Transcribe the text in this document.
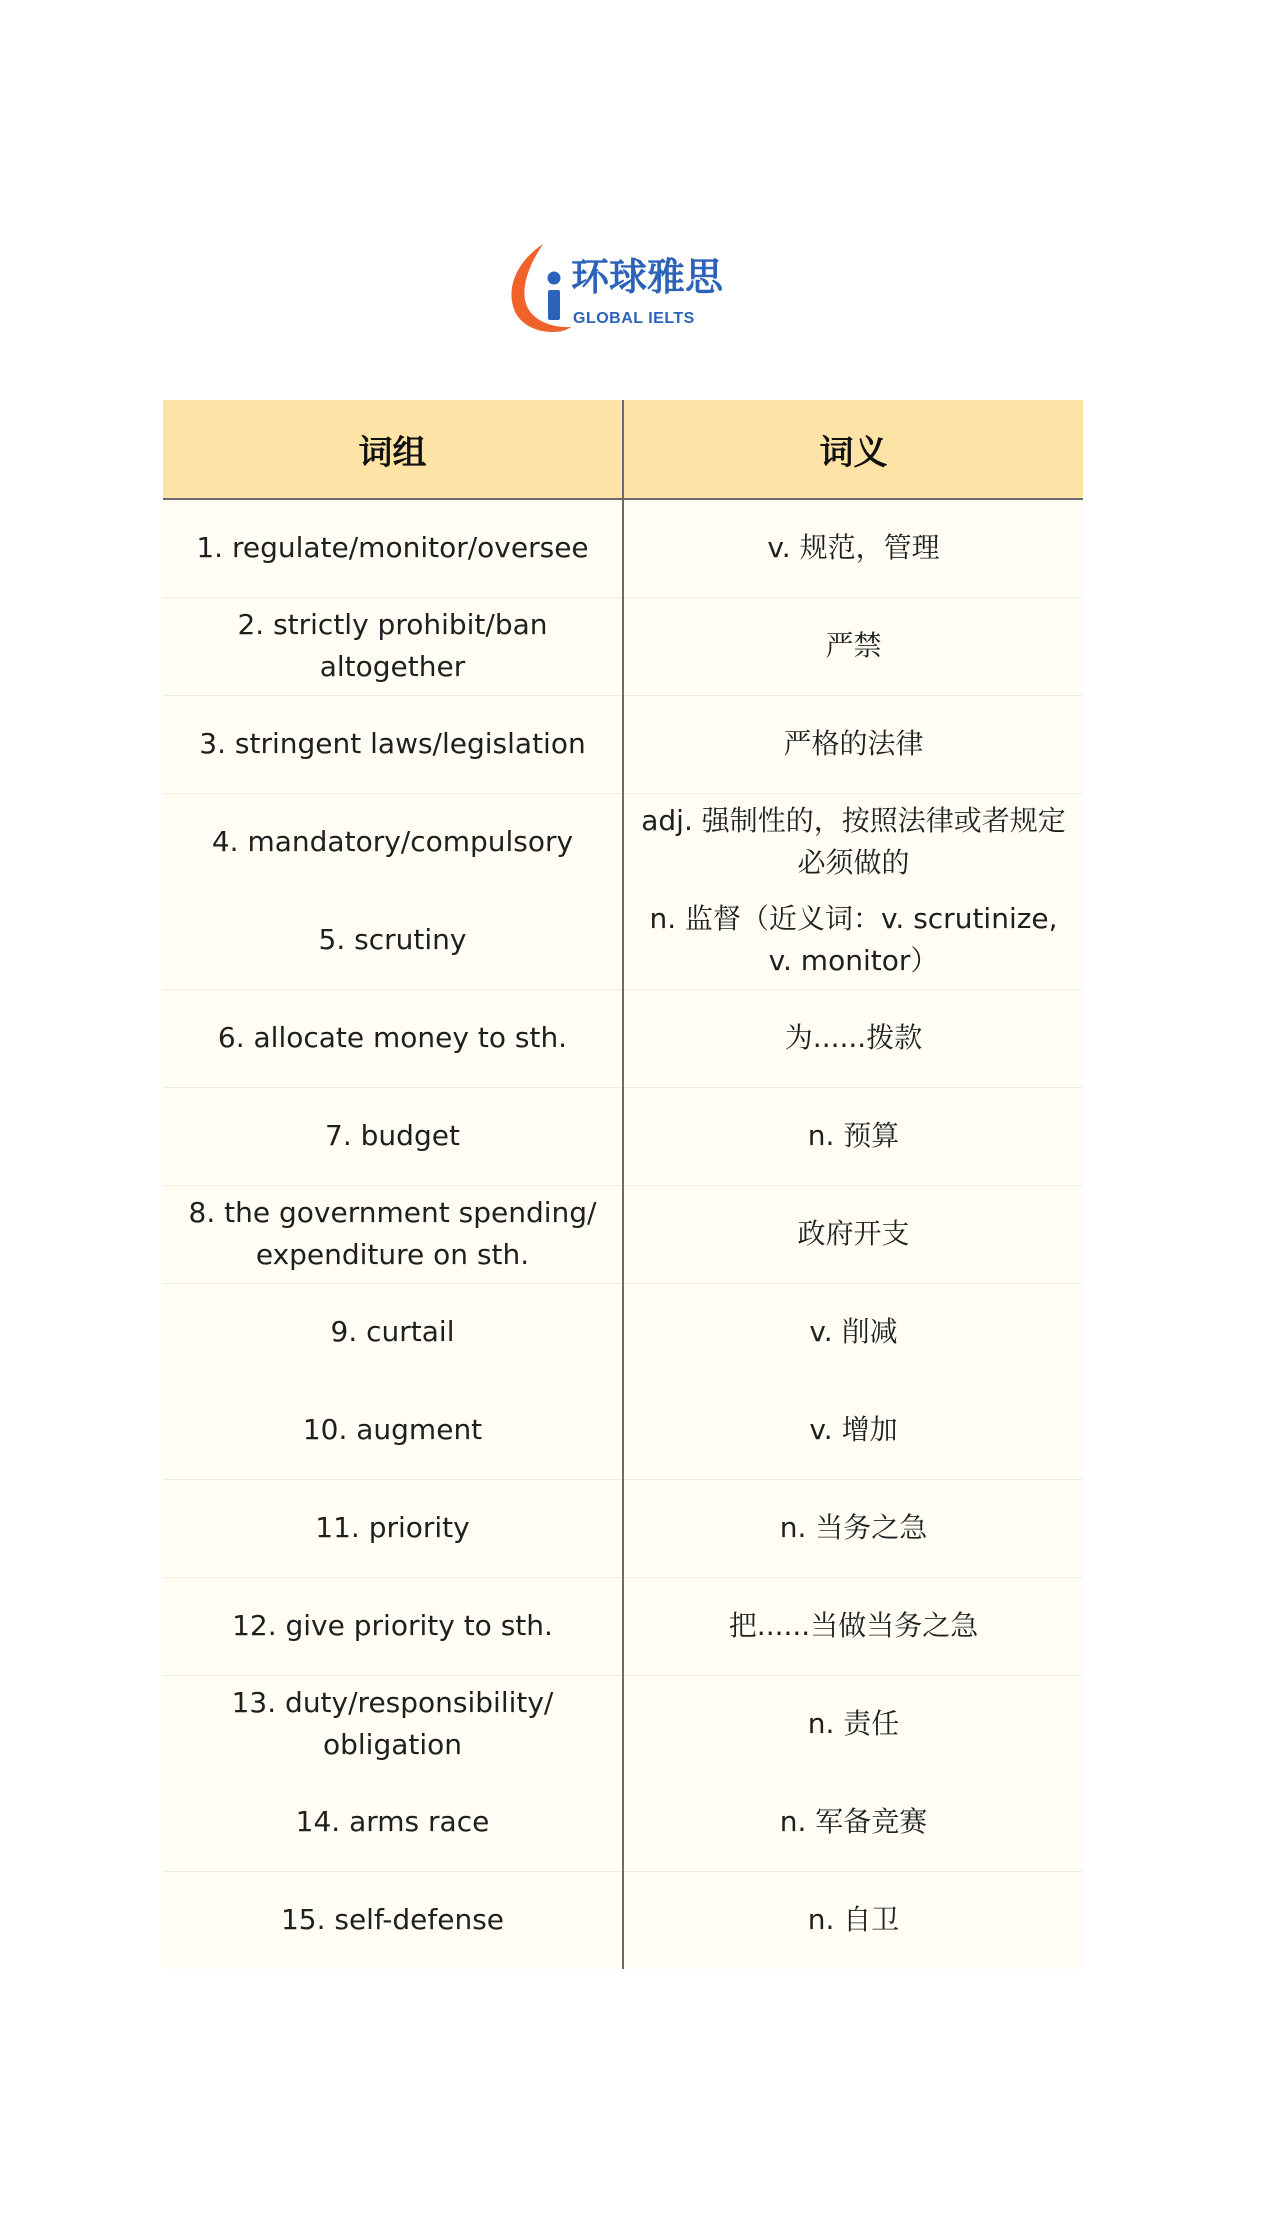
环球雅思
GLOBAL IELTS
词组	词义
1. regulate/monitor/oversee	v. 规范，管理
2. strictly prohibit/ban altogether	严禁
3. stringent laws/legislation	严格的法律
4. mandatory/compulsory	adj. 强制性的，按照法律或者规定必须做的
5. scrutiny	n. 监督（近义词：v. scrutinize, v. monitor）
6. allocate money to sth.	为......拨款
7. budget	n. 预算
8. the government spending/ expenditure on sth.	政府开支
9. curtail	v. 削减
10. augment	v. 增加
11. priority	n. 当务之急
12. give priority to sth.	把......当做当务之急
13. duty/responsibility/ obligation	n. 责任
14. arms race	n. 军备竞赛
15. self-defense	n. 自卫
